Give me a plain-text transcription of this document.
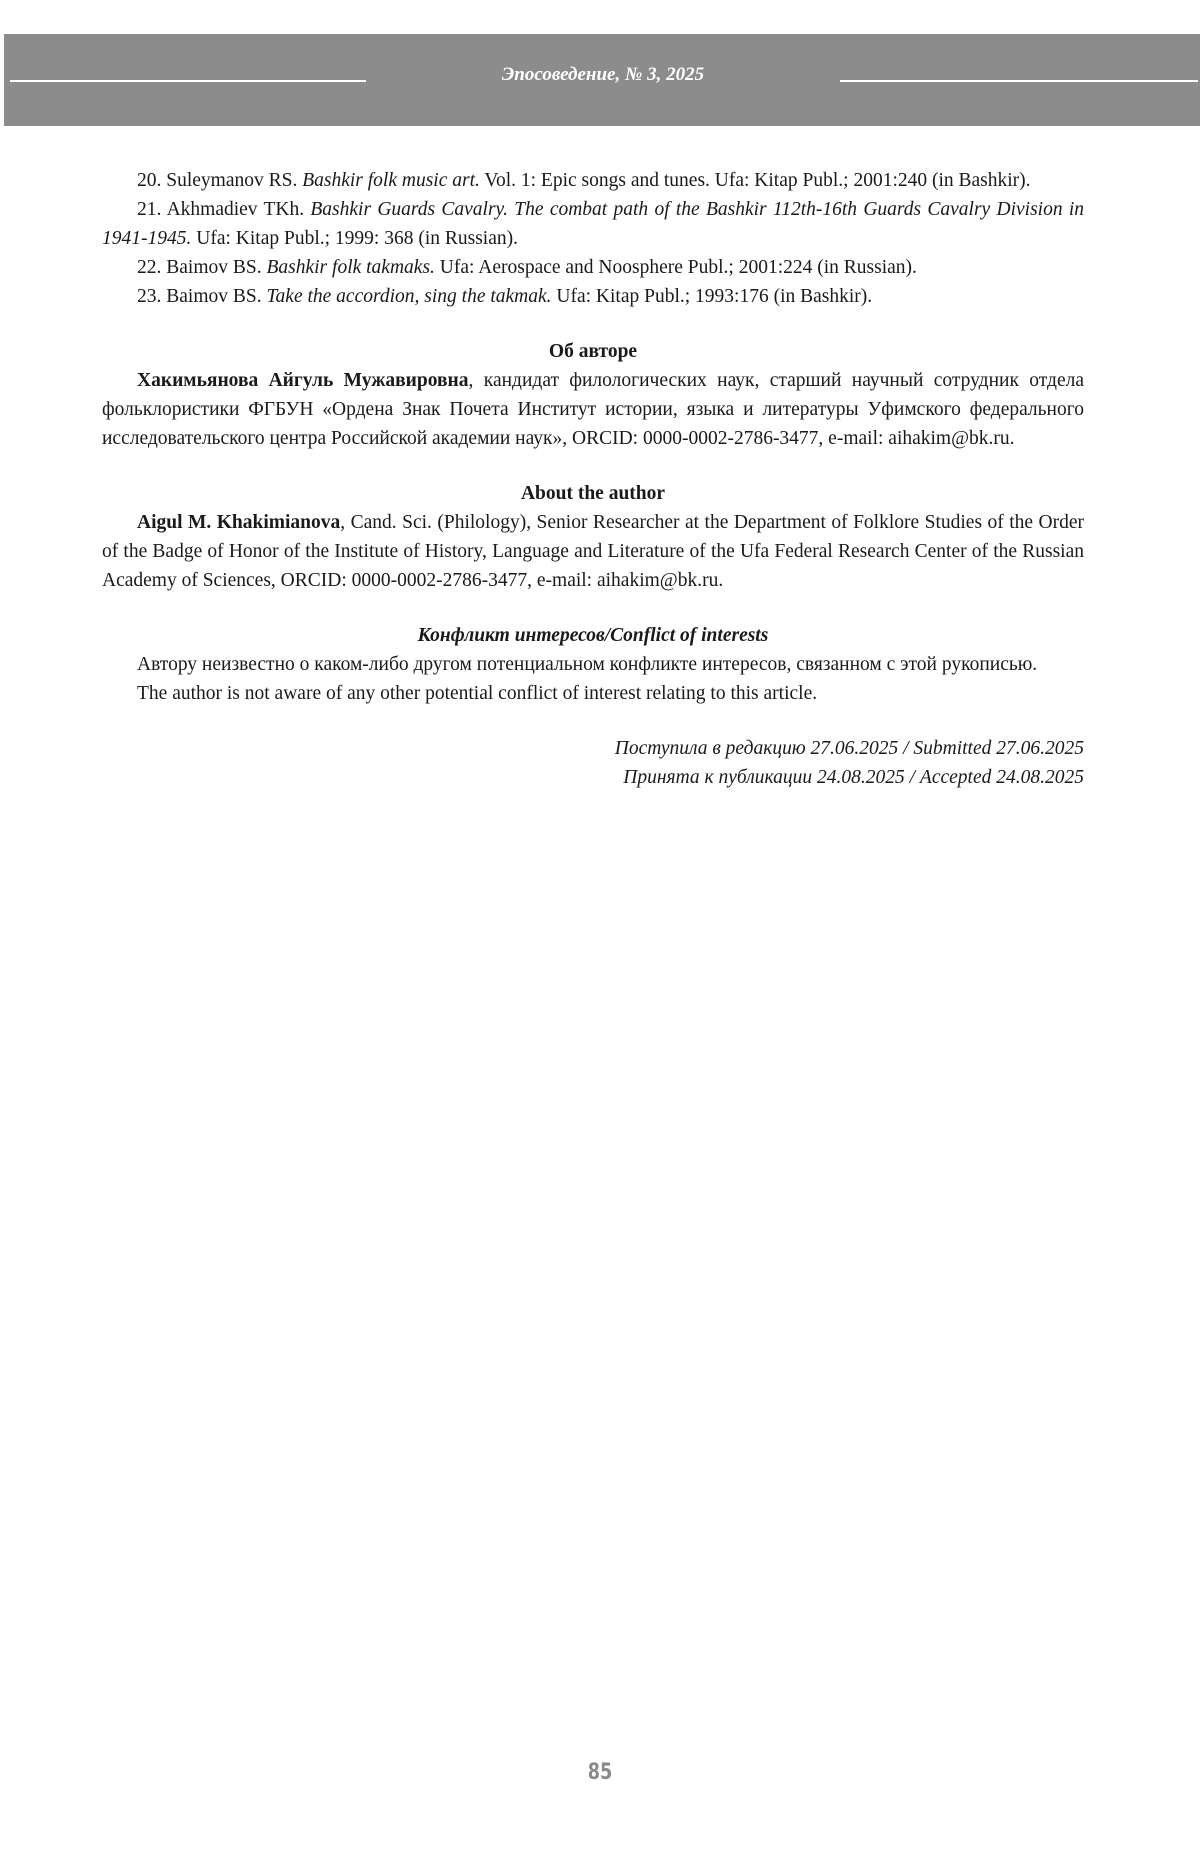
Эпосоведение, № 3, 2025

20. Suleymanov RS. Bashkir folk music art. Vol. 1: Epic songs and tunes. Ufa: Kitap Publ.; 2001:240 (in Bashkir).

21. Akhmadiev TKh. Bashkir Guards Cavalry. The combat path of the Bashkir 112th-16th Guards Cavalry Division in 1941-1945. Ufa: Kitap Publ.; 1999: 368 (in Russian).

22. Baimov BS. Bashkir folk takmaks. Ufa: Aerospace and Noosphere Publ.; 2001:224 (in Russian).

23. Baimov BS. Take the accordion, sing the takmak. Ufa: Kitap Publ.; 1993:176 (in Bashkir).

Об авторе

Хакимьянова Айгуль Мужавировна, кандидат филологических наук, старший научный сотрудник отдела фольклористики ФГБУН «Ордена Знак Почета Институт истории, языка и литературы Уфимского федерального исследовательского центра Российской академии наук», ORCID: 0000-0002-2786-3477, e-mail: aihakim@bk.ru.

About the author

Aigul M. Khakimianova, Cand. Sci. (Philology), Senior Researcher at the Department of Folklore Studies of the Order of the Badge of Honor of the Institute of History, Language and Literature of the Ufa Federal Research Center of the Russian Academy of Sciences, ORCID: 0000-0002-2786-3477, e-mail: aihakim@bk.ru.

Конфликт интересов/Conflict of interests

Автору неизвестно о каком-либо другом потенциальном конфликте интересов, связанном с этой рукописью.

The author is not aware of any other potential conflict of interest relating to this article.

Поступила в редакцию 27.06.2025 / Submitted 27.06.2025
Принята к публикации 24.08.2025 / Accepted 24.08.2025
85
